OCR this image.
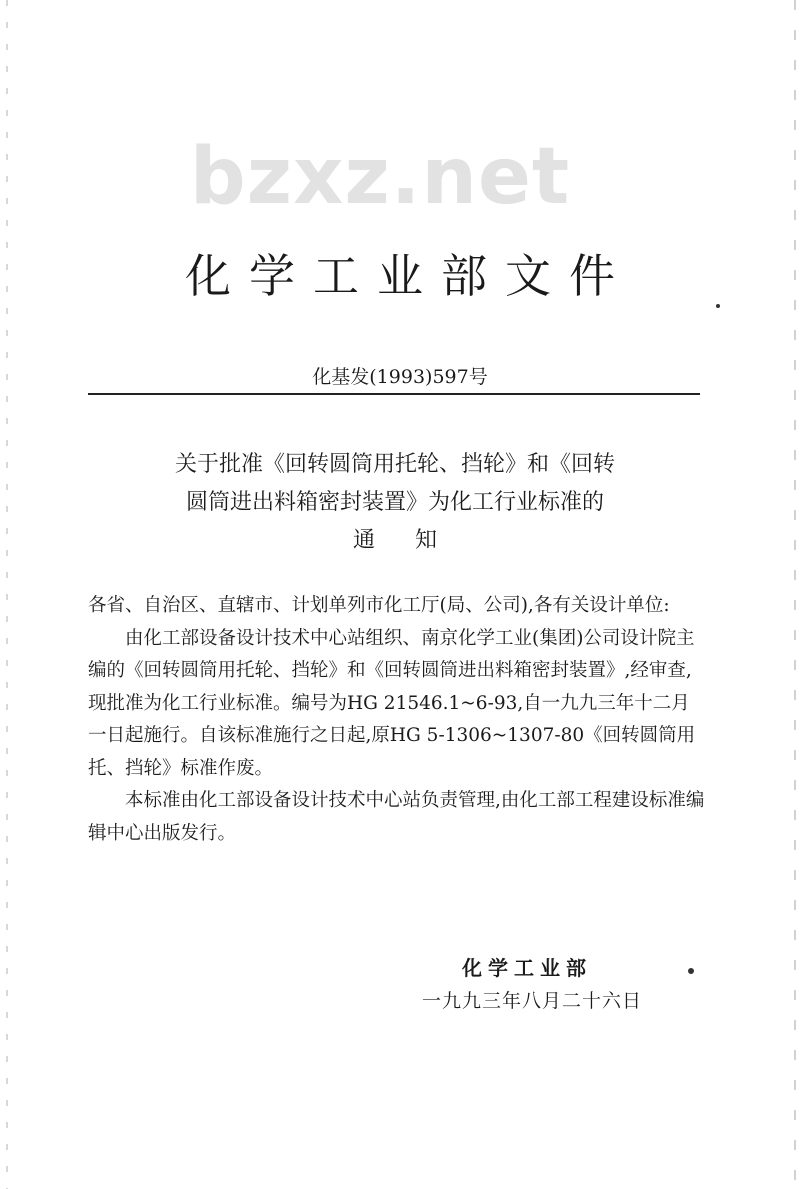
bzxz.net
化学工业部文件
化基发(1993)597号
关于批准《回转圆筒用托轮、挡轮》和《回转
圆筒进出料箱密封装置》为化工行业标准的
通知

各省、自治区、直辖市、计划单列市化工厅(局、公司),各有关设计单位:

由化工部设备设计技术中心站组织、南京化学工业(集团)公司设计院主编的《回转圆筒用托轮、挡轮》和《回转圆筒进出料箱密封装置》,经审查,现批准为化工行业标准。编号为HG 21546.1~6-93,自一九九三年十二月一日起施行。自该标准施行之日起,原HG 5-1306~1307-80《回转圆筒用托、挡轮》标准作废。

本标准由化工部设备设计技术中心站负责管理,由化工部工程建设标准编辑中心出版发行。

化学工业部
一九九三年八月二十六日
